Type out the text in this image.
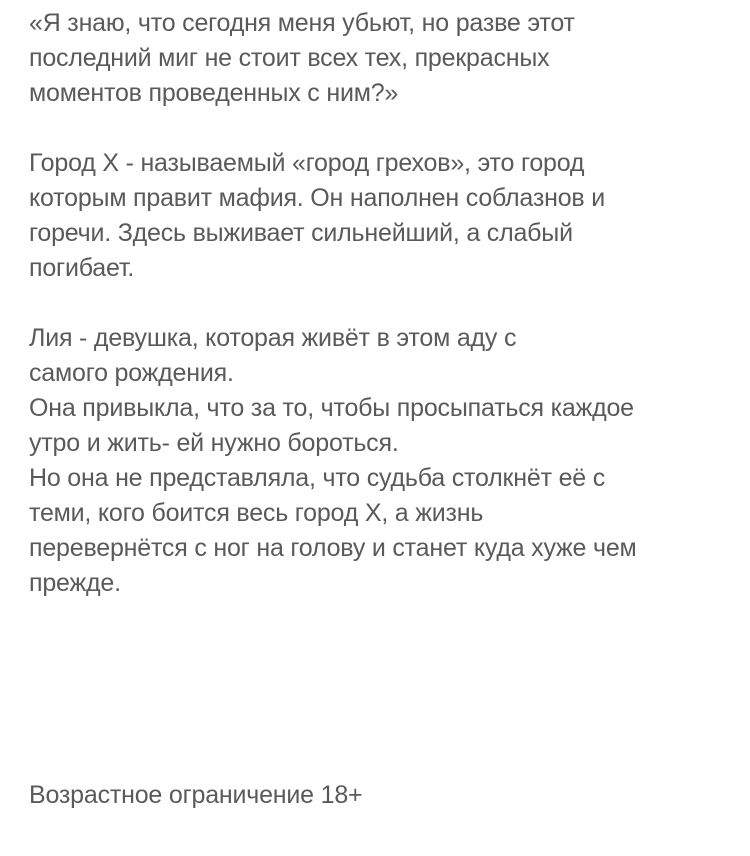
«Я знаю, что сегодня меня убьют, но разве этот
последний миг не стоит всех тех, прекрасных
моментов проведенных с ним?»

Город Х - называемый «город грехов», это город
которым правит мафия. Он наполнен соблазнов и
горечи. Здесь выживает сильнейший, а слабый
погибает.

Лия - девушка, которая живёт в этом аду с
самого рождения.
Она привыкла, что за то, чтобы просыпаться каждое
утро и жить- ей нужно бороться.
Но она не представляла, что судьба столкнёт её с
теми, кого боится весь город Х, а жизнь
перевернётся с ног на голову и станет куда хуже чем
прежде.

Возрастное ограничение 18+
